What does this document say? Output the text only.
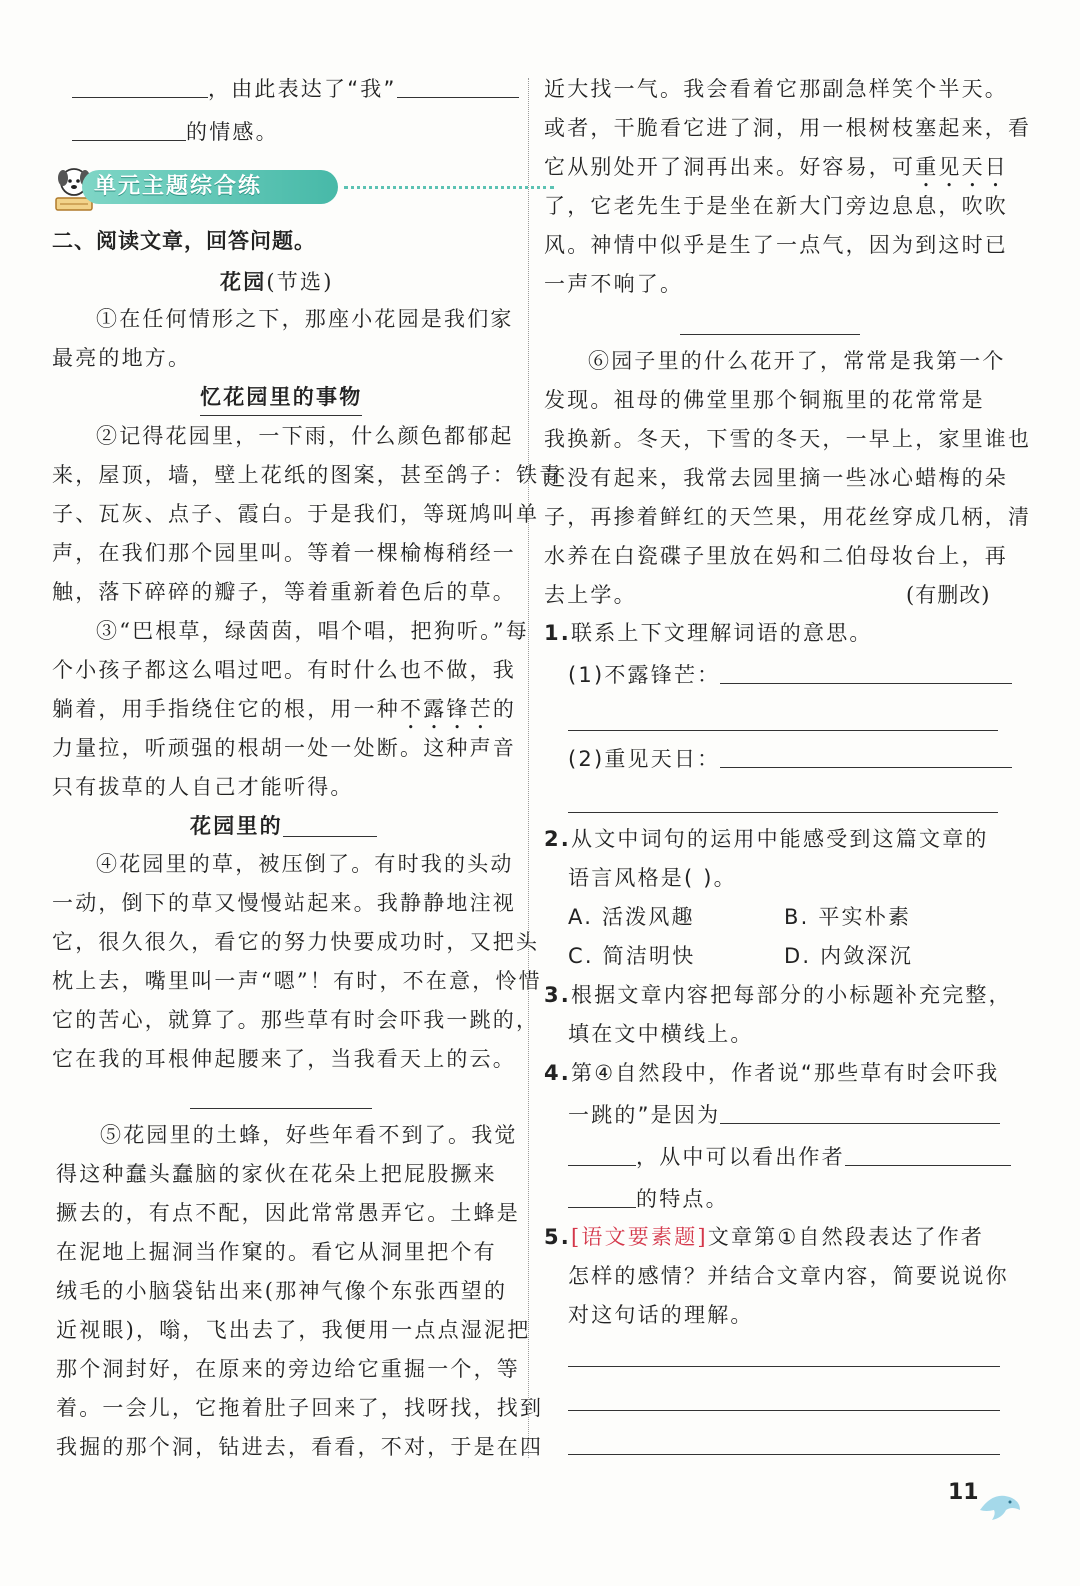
，由此表达了“我”
的情感。
单元主题综合练
二、阅读文章，回答问题。
花园(节选)
①在任何情形之下，那座小花园是我们家
最亮的地方。
忆花园里的事物
②记得花园里，一下雨，什么颜色都郁起
来，屋顶，墙，壁上花纸的图案，甚至鸽子：铁青
子、瓦灰、点子、霞白。于是我们，等斑鸠叫单
声，在我们那个园里叫。等着一棵榆梅稍经一
触，落下碎碎的瓣子，等着重新着色后的草。
③“巴根草，绿茵茵，唱个唱，把狗听。”每
个小孩子都这么唱过吧。有时什么也不做，我
躺着，用手指绕住它的根，用一种不露锋芒的
力量拉，听顽强的根胡一处一处断。这种声音
只有拔草的人自己才能听得。
花园里的
④花园里的草，被压倒了。有时我的头动
一动，倒下的草又慢慢站起来。我静静地注视
它，很久很久，看它的努力快要成功时，又把头
枕上去，嘴里叫一声“嗯”！有时，不在意，怜惜
它的苦心，就算了。那些草有时会吓我一跳的，
它在我的耳根伸起腰来了，当我看天上的云。
⑤花园里的土蜂，好些年看不到了。我觉
得这种蠢头蠢脑的家伙在花朵上把屁股撅来
撅去的，有点不配，因此常常愚弄它。土蜂是
在泥地上掘洞当作窠的。看它从洞里把个有
绒毛的小脑袋钻出来(那神气像个东张西望的
近视眼)，嗡，飞出去了，我便用一点点湿泥把
那个洞封好，在原来的旁边给它重掘一个，等
着。一会儿，它拖着肚子回来了，找呀找，找到
我掘的那个洞，钻进去，看看，不对，于是在四
近大找一气。我会看着它那副急样笑个半天。
或者，干脆看它进了洞，用一根树枝塞起来，看
它从别处开了洞再出来。好容易，可重见天日
了，它老先生于是坐在新大门旁边息息，吹吹
风。神情中似乎是生了一点气，因为到这时已
一声不响了。
⑥园子里的什么花开了，常常是我第一个
发现。祖母的佛堂里那个铜瓶里的花常常是
我换新。冬天，下雪的冬天，一早上，家里谁也
还没有起来，我常去园里摘一些冰心蜡梅的朵
子，再掺着鲜红的天竺果，用花丝穿成几柄，清
水养在白瓷碟子里放在妈和二伯母妆台上，再
去上学。	(有删改)
1.联系上下文理解词语的意思。
(1)不露锋芒：
(2)重见天日：
2.从文中词句的运用中能感受到这篇文章的
语言风格是( )。
A. 活泼风趣	B. 平实朴素
C. 简洁明快	D. 内敛深沉
3.根据文章内容把每部分的小标题补充完整，
填在文中横线上。
4.第④自然段中，作者说“那些草有时会吓我
一跳的”是因为
，从中可以看出作者
的特点。
5.[语文要素题]文章第①自然段表达了作者
怎样的感情？并结合文章内容，简要说说你
对这句话的理解。
11
